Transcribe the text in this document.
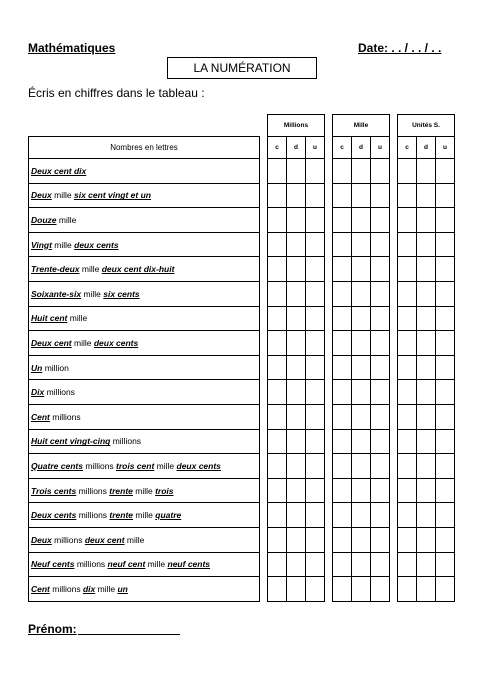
Mathématiques	Date: . . / . . / . .
LA NUMÉRATION
Écris en chiffres dans le tableau :
		Millions				Mille				Unités S.		
Nombres en lettres		c	d	u		c	d	u		c	d	u
Deux cent dix												
Deux mille six cent vingt et un												
Douze mille												
Vingt mille deux cents												
Trente-deux mille deux cent dix-huit												
Soixante-six mille six cents												
Huit cent mille												
Deux cent mille deux cents												
Un million												
Dix millions												
Cent millions												
Huit cent vingt-cinq millions												
Quatre cents millions trois cent mille deux cents												
Trois cents millions trente mille trois												
Deux cents millions trente mille quatre												
Deux millions deux cent mille												
Neuf cents millions neuf cent mille neuf cents												
Cent millions dix mille un												
Prénom:
